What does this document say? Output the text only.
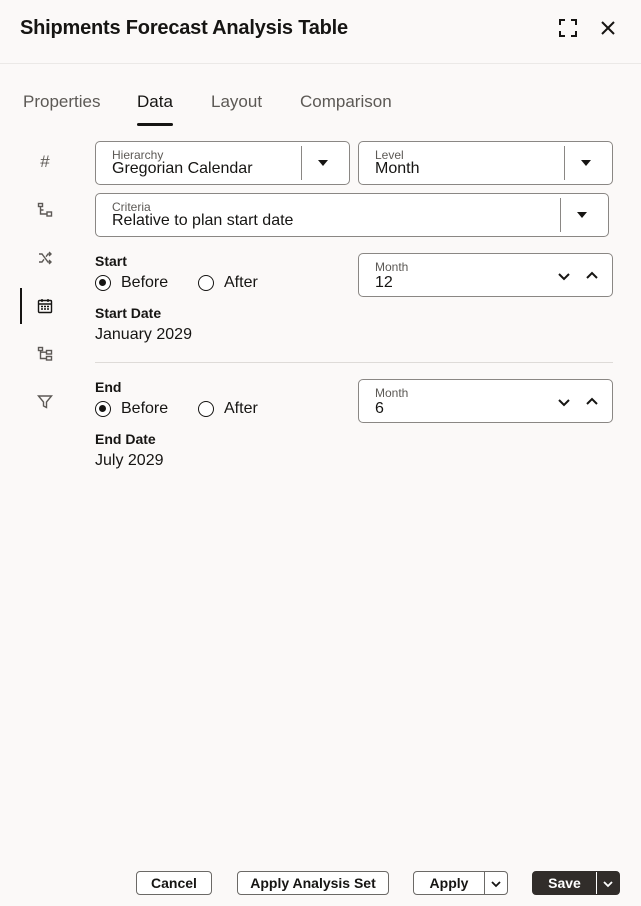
Shipments Forecast Analysis Table
Properties Data Layout Comparison
#	Hierarchy
Gregorian Calendar
Level
Month
Criteria
Relative to plan start date
Start
Before	After
Month
12
Start Date
January 2029
End
Before	After
Month
6
End Date
July 2029
Cancel	Apply Analysis Set	Apply	Save
